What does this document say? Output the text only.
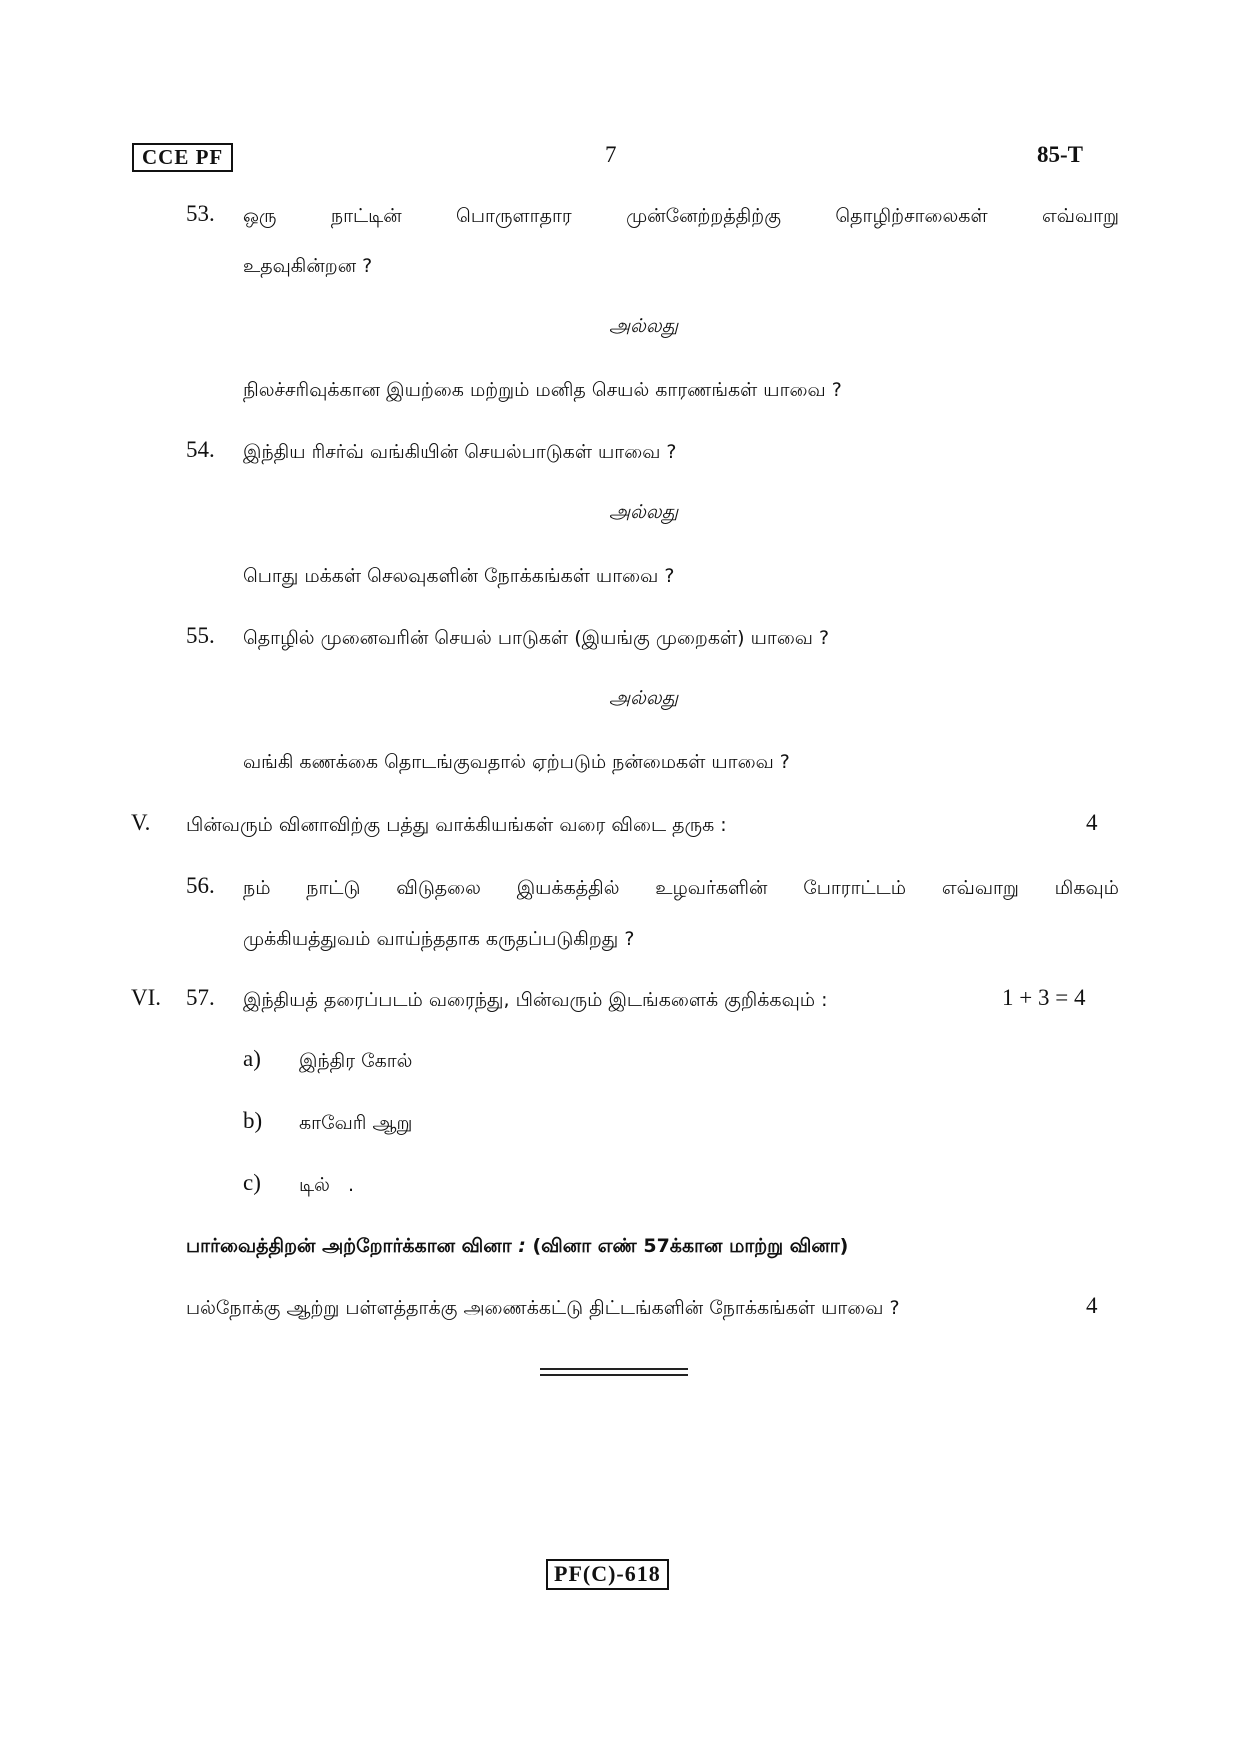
CCE PF	7	85-T
53. ஒரு	நாட்டின்	பொருளாதார	முன்னேற்றத்திற்கு	தொழிற்சாலைகள்	எவ்வாறு
உதவுகின்றன ?
அல்லது
நிலச்சரிவுக்கான இயற்கை மற்றும் மனித செயல் காரணங்கள் யாவை ?
54. இந்திய ரிசர்வ் வங்கியின் செயல்பாடுகள் யாவை ?
அல்லது
பொது மக்கள் செலவுகளின் நோக்கங்கள் யாவை ?
55. தொழில் முனைவரின் செயல் பாடுகள் (இயங்கு முறைகள்) யாவை ?
அல்லது
வங்கி கணக்கை தொடங்குவதால் ஏற்படும் நன்மைகள் யாவை ?
V. பின்வரும் வினாவிற்கு பத்து வாக்கியங்கள் வரை விடை தருக :	4
56. நம் நாட்டு விடுதலை இயக்கத்தில் உழவர்களின் போராட்டம் எவ்வாறு மிகவும்
முக்கியத்துவம் வாய்ந்ததாக கருதப்படுகிறது ?
VI. 57. இந்தியத் தரைப்படம் வரைந்து, பின்வரும் இடங்களைக் குறிக்கவும் :	1 + 3 = 4
a) இந்திர கோல்
b) காவேரி ஆறு
c) டில்   .
பார்வைத்திறன் அற்றோர்க்கான வினா : (வினா எண் 57க்கான மாற்று வினா)
பல்நோக்கு ஆற்று பள்ளத்தாக்கு அணைக்கட்டு திட்டங்களின் நோக்கங்கள் யாவை ?	4
PF(C)-618
